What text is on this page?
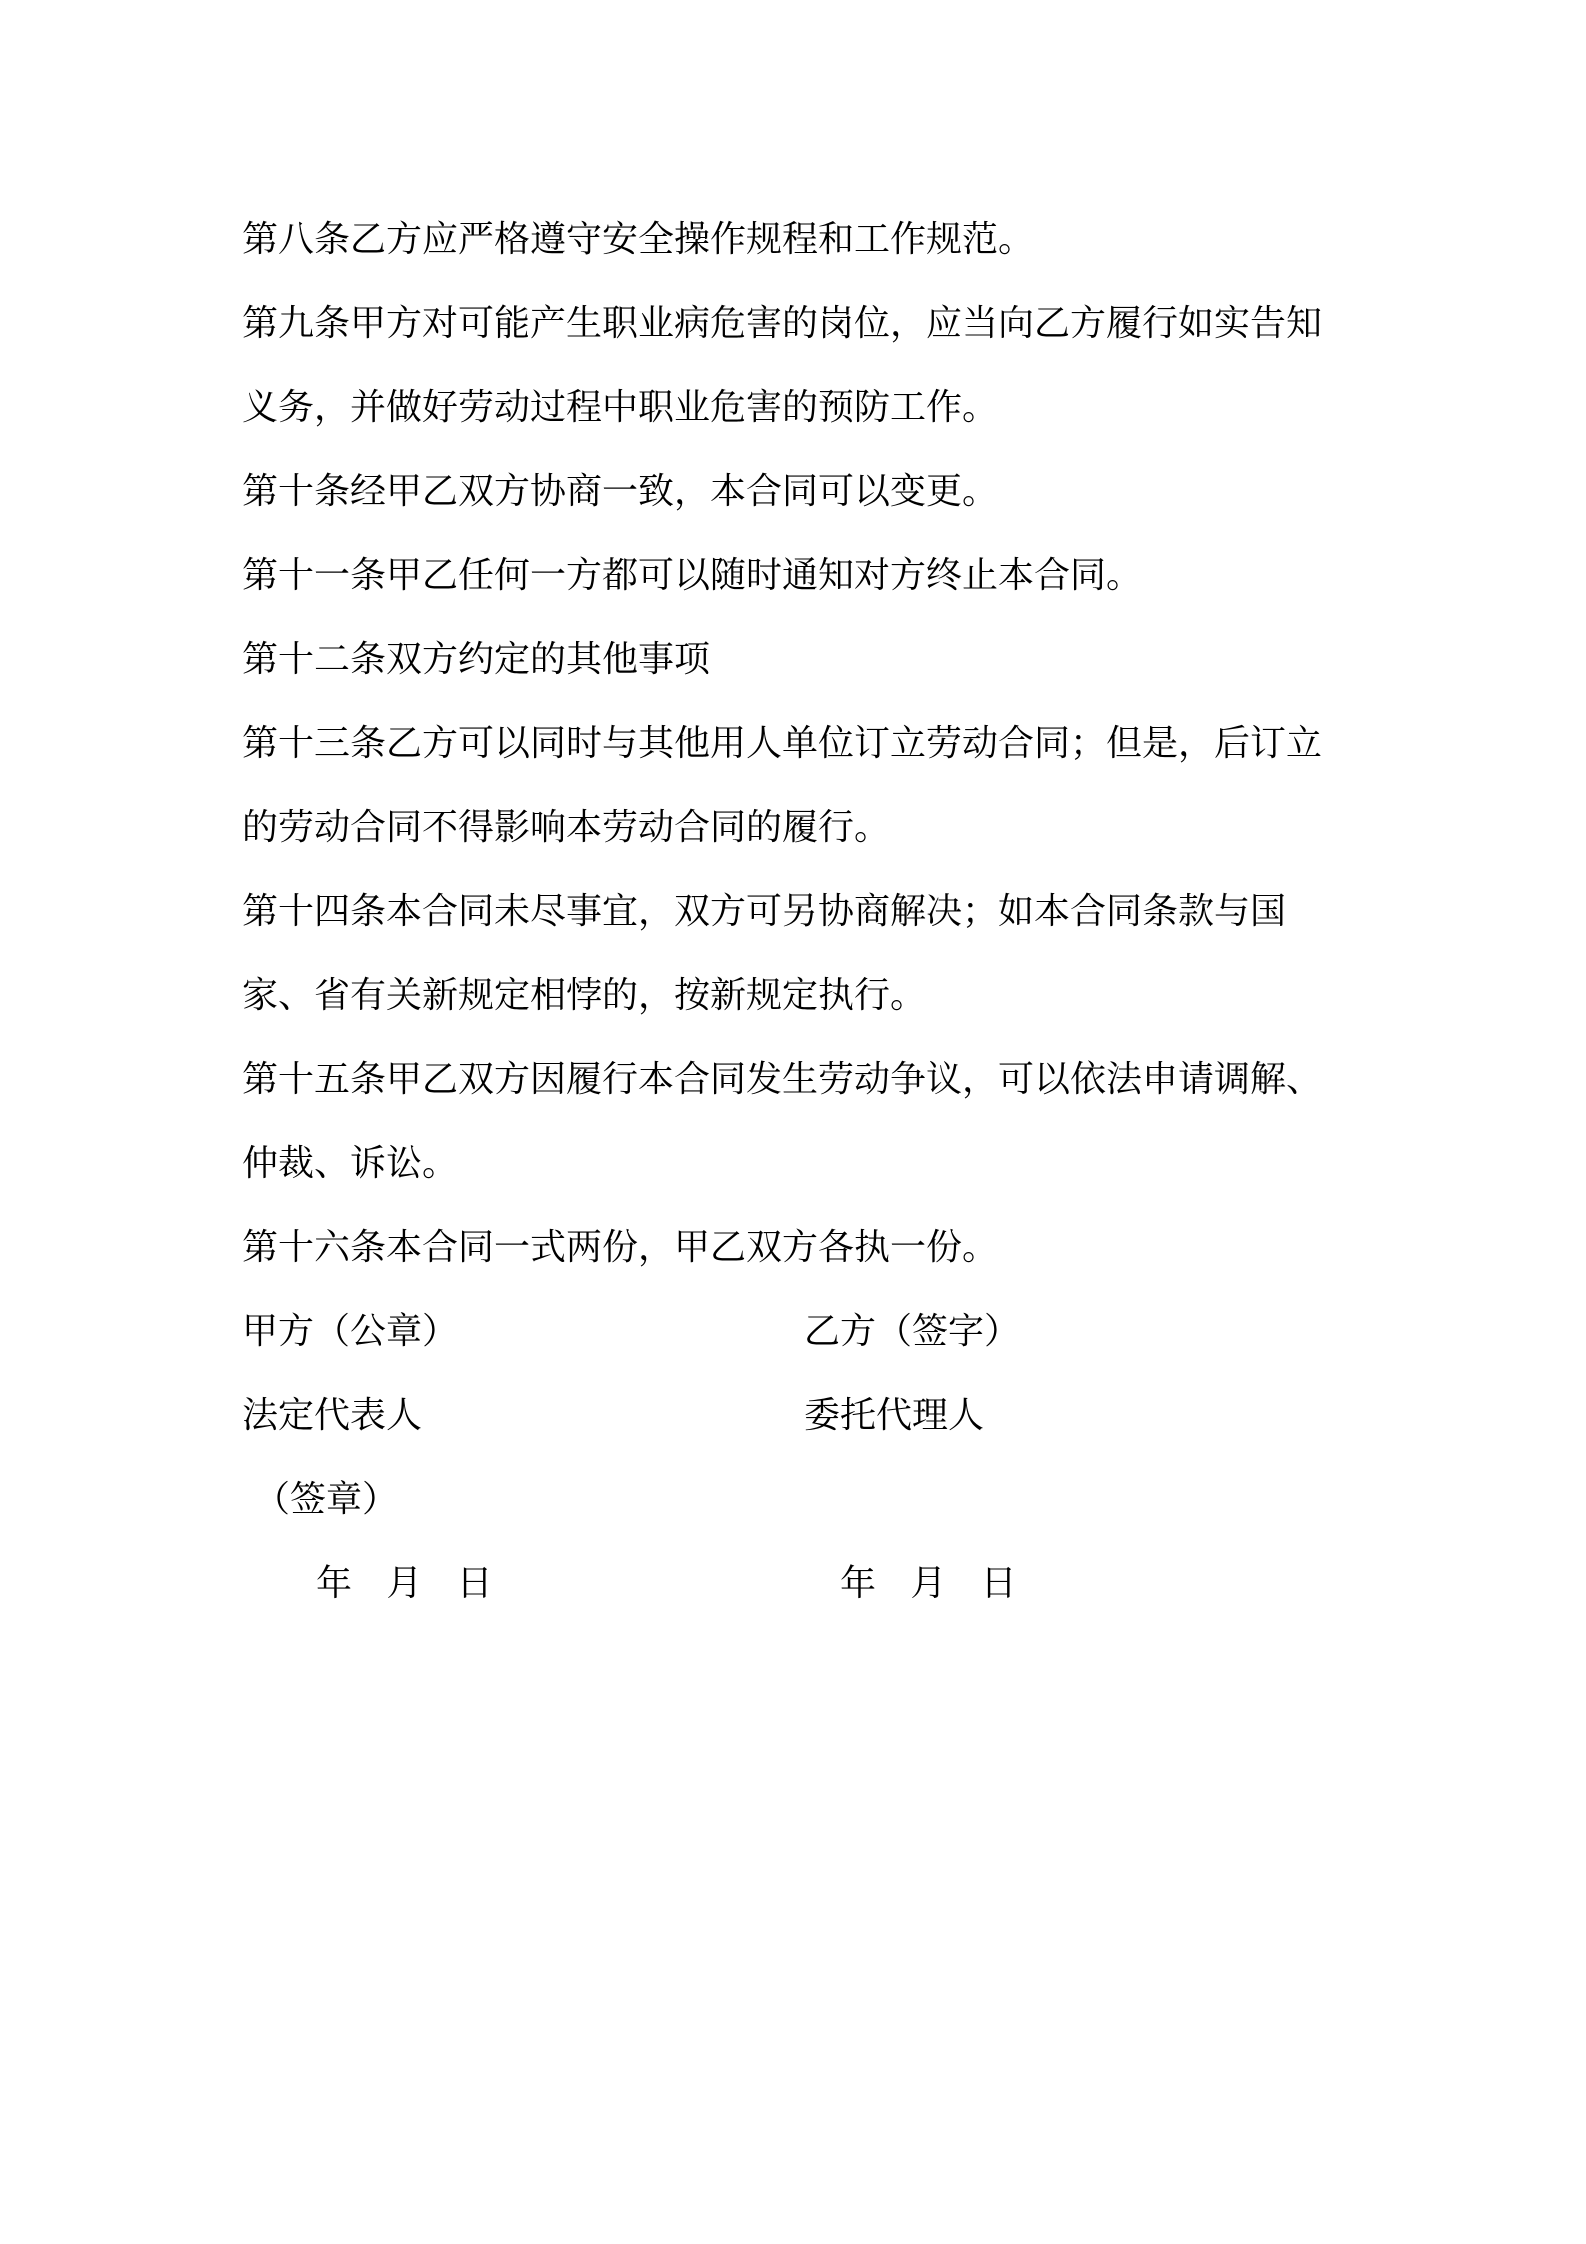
第八条乙方应严格遵守安全操作规程和工作规范。

第九条甲方对可能产生职业病危害的岗位，应当向乙方履行如实告知义务，并做好劳动过程中职业危害的预防工作。

第十条经甲乙双方协商一致，本合同可以变更。

第十一条甲乙任何一方都可以随时通知对方终止本合同。

第十二条双方约定的其他事项

第十三条乙方可以同时与其他用人单位订立劳动合同；但是，后订立的劳动合同不得影响本劳动合同的履行。

第十四条本合同未尽事宜，双方可另协商解决；如本合同条款与国家、省有关新规定相悖的，按新规定执行。

第十五条甲乙双方因履行本合同发生劳动争议，可以依法申请调解、仲裁、诉讼。

第十六条本合同一式两份，甲乙双方各执一份。

甲方（公章）	乙方（签字）
法定代表人	委托代理人
（签章）
年   月   日	年   月   日
